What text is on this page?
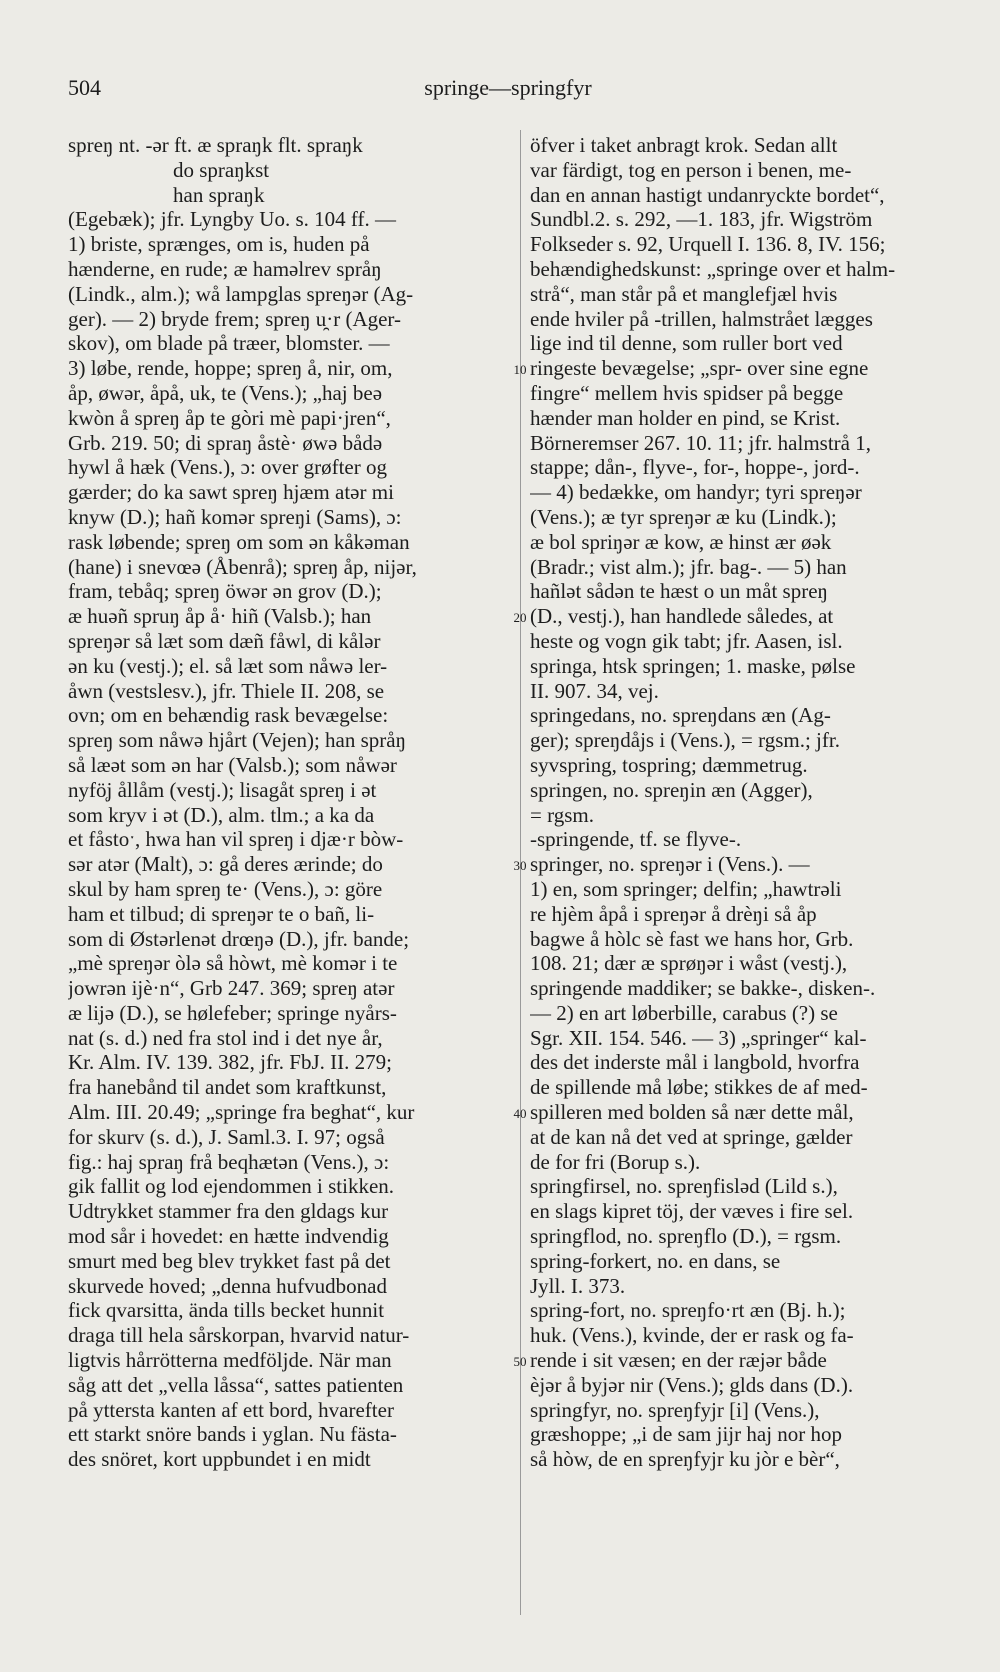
504	springe—springfyr
spreŋ nt. -ər ft. æ spraŋk flt. spraŋk
do spraŋkst
han spraŋk
(Egebæk); jfr. Lyngby Uo. s. 104 ff. —
1) briste, sprænges, om is, huden på
hænderne, en rude; æ haməlrev språŋ
(Lindk., alm.); wå lampglas spreŋər (Ag-
ger). — 2) bryde frem; spreŋ u̯·r (Ager-
skov), om blade på træer, blomster. —
3) løbe, rende, hoppe; spreŋ å, nir, om,
åp, øwər, åpå, uk, te (Vens.); „haj beə
kwòn å spreŋ åp te gòri mè papi·jren“,
Grb. 219. 50; di spraŋ åstè· øwə bådə
hywl å hæk (Vens.), ɔ: over grøfter og
gærder; do ka sawt spreŋ hjæm atər mi
knyw (D.); hañ komər spreŋi (Sams), ɔ:
rask løbende; spreŋ om som ən kåkəman
(hane) i snevœə (Åbenrå); spreŋ åp, nijər,
fram, tebåq; spreŋ öwər ən grov (D.);
æ huəñ spruŋ åp å· hiñ (Valsb.); han
spreŋər så læt som dæñ fåwl, di kålər
ən ku (vestj.); el. så læt som nåwə ler-
åwn (vestslesv.), jfr. Thiele II. 208, se
ovn; om en behændig rask bevægelse:
spreŋ som nåwə hjårt (Vejen); han språŋ
så læət som ən har (Valsb.); som nåwər
nyfö̜j ållåm (vestj.); lisagåt spreŋ i ət
som kryv i ət (D.), alm. tlm.; a ka da
et fåstoˑ, hwa han vil spreŋ i djæ·r bòw-
sər atər (Malt), ɔ: gå deres ærinde; do
skul by ham spreŋ te· (Vens.), ɔ: göre
ham et tilbud; di spreŋər te o bañ, li-
som di Østərlenət drœŋə (D.), jfr. bande;
„mè spreŋər òlə så hòwt, mè komər i te
jowrən ijè·n“, Grb 247. 369; spreŋ atər
æ lijə (D.), se hølefeber; springe nyårs-
nat (s. d.) ned fra stol ind i det nye år,
Kr. Alm. IV. 139. 382, jfr. FbJ. II. 279;
fra hanebånd til andet som kraftkunst,
Alm. III. 20.49; „springe fra beghat“, kur
for skurv (s. d.), J. Saml.3. I. 97; også
fig.: haj spraŋ frå beqhætən (Vens.), ɔ:
gik fallit og lod ejendommen i stikken.
Udtrykket stammer fra den gldags kur
mod sår i hovedet: en hætte indvendig
smurt med beg blev trykket fast på det
skurvede hoved; „denna hufvudbonad
fick qvarsitta, ända tills becket hunnit
draga till hela sårskorpan, hvarvid natur-
ligtvis hårrötterna medföljde. När man
såg att det „vella låssa“, sattes patienten
på yttersta kanten af ett bord, hvarefter
ett starkt snöre bands i yglan. Nu fästa-
des snöret, kort uppbundet i en midt
öfver i taket anbragt krok. Sedan allt
var färdigt, tog en person i benen, me-
dan en annan hastigt undanryckte bordet“,
Sundbl.2. s. 292, —1. 183, jfr. Wigström
Folkseder s. 92, Urquell I. 136. 8, IV. 156;
behændighedskunst: „springe over et halm-
strå“, man står på et manglefjæl hvis
ende hviler på -trillen, halmstrået lægges
lige ind til denne, som ruller bort ved
ringeste bevægelse; „spr- over sine egne
fingre“ mellem hvis spidser på begge
hænder man holder en pind, se Krist.
Börneremser 267. 10. 11; jfr. halmstrå 1,
stappe; dån-, flyve-, for-, hoppe-, jord-.
— 4) bedække, om handyr; tyri spreŋər
(Vens.); æ tyr spreŋər æ ku (Lindk.);
æ bol spriŋər æ kow, æ hinst ær øək
(Bradr.; vist alm.); jfr. bag-. — 5) han
hañlət sådən te hæst o un måt spreŋ
(D., vestj.), han handlede således, at
heste og vogn gik tabt; jfr. Aasen, isl.
springa, htsk springen; 1. maske, pølse
II. 907. 34, vej.
springedans, no. spreŋdans æn (Ag-
ger); spreŋdåjs i (Vens.), = rgsm.; jfr.
syvspring, tospring; dæmmetrug.
springen, no. spreŋin æn (Agger),
= rgsm.
-springende, tf. se flyve-.
springer, no. spreŋər i (Vens.). —
1) en, som springer; delfin; „hawtrəli
re hjèm åpå i spreŋər å drèŋi så åp
bagwe å hòlc sè fast we hans hor, Grb.
108. 21; dær æ sprøŋər i wåst (vestj.),
springende maddiker; se bakke-, disken-.
— 2) en art løberbille, carabus (?) se
Sgr. XII. 154. 546. — 3) „springer“ kal-
des det inderste mål i langbold, hvorfra
de spillende må løbe; stikkes de af med-
spilleren med bolden så nær dette mål,
at de kan nå det ved at springe, gælder
de for fri (Borup s.).
springfirsel, no. spreŋfisləd (Lild s.),
en slags kipret töj, der væves i fire sel.
springflod, no. spreŋflo (D.), = rgsm.
spring-forkert, no. en dans, se
Jyll. I. 373.
spring-fort, no. spreŋfo·rt æn (Bj. h.);
huk. (Vens.), kvinde, der er rask og fa-
rende i sit væsen; en der ræjər både
èjər å byjər nir (Vens.); glds dans (D.).
springfyr, no. spreŋfyjr [i] (Vens.),
græshoppe; „i de sam jijr haj nor hop
så hòw, de en spreŋfyjr ku jòr e bèr“,
10
20
30
40
50
